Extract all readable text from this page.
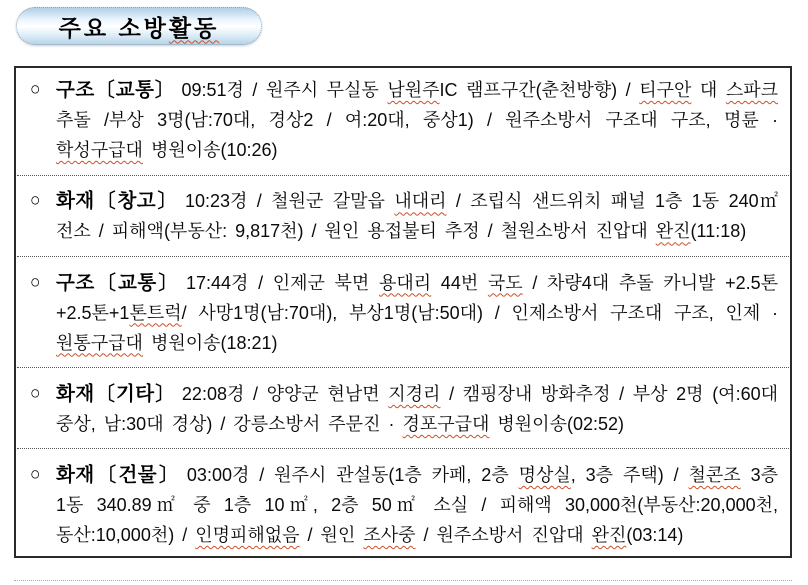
주요 소방활동
○ 구조〔교통〕 09:51경 / 원주시 무실동 남원주IC 램프구간(춘천방향) / 티구안 대 스파크 추돌 /부상 3명(남:70대, 경상2 / 여:20대, 중상1) / 원주소방서 구조대 구조, 명륜 · 학성구급대 병원이송(10:26)

○ 화재〔창고〕 10:23경 / 철원군 갈말읍 내대리 / 조립식 샌드위치 패널 1층 1동 240㎡ 전소 / 피해액(부동산: 9,817천) / 원인 용접불티 추정 / 철원소방서 진압대 완진(11:18)

○ 구조〔교통〕 17:44경 / 인제군 북면 용대리 44번 국도 / 차량4대 추돌 카니발 +2.5톤+2.5톤+1톤트럭/ 사망1명(남:70대), 부상1명(남:50대) / 인제소방서 구조대 구조, 인제 · 원통구급대 병원이송(18:21)

○ 화재〔기타〕 22:08경 / 양양군 현남면 지경리 / 캠핑장내 방화추정 / 부상 2명 (여:60대 중상, 남:30대 경상) / 강릉소방서 주문진 · 경포구급대 병원이송(02:52)

○ 화재〔건물〕 03:00경 / 원주시 관설동(1층 카페, 2층 명상실, 3층 주택) / 철콘조 3층 1동 340.89㎡ 중 1층 10㎡, 2층 50㎡ 소실 / 피해액 30,000천(부동산:20,000천, 동산:10,000천) / 인명피해없음 / 원인 조사중 / 원주소방서 진압대 완진(03:14)
